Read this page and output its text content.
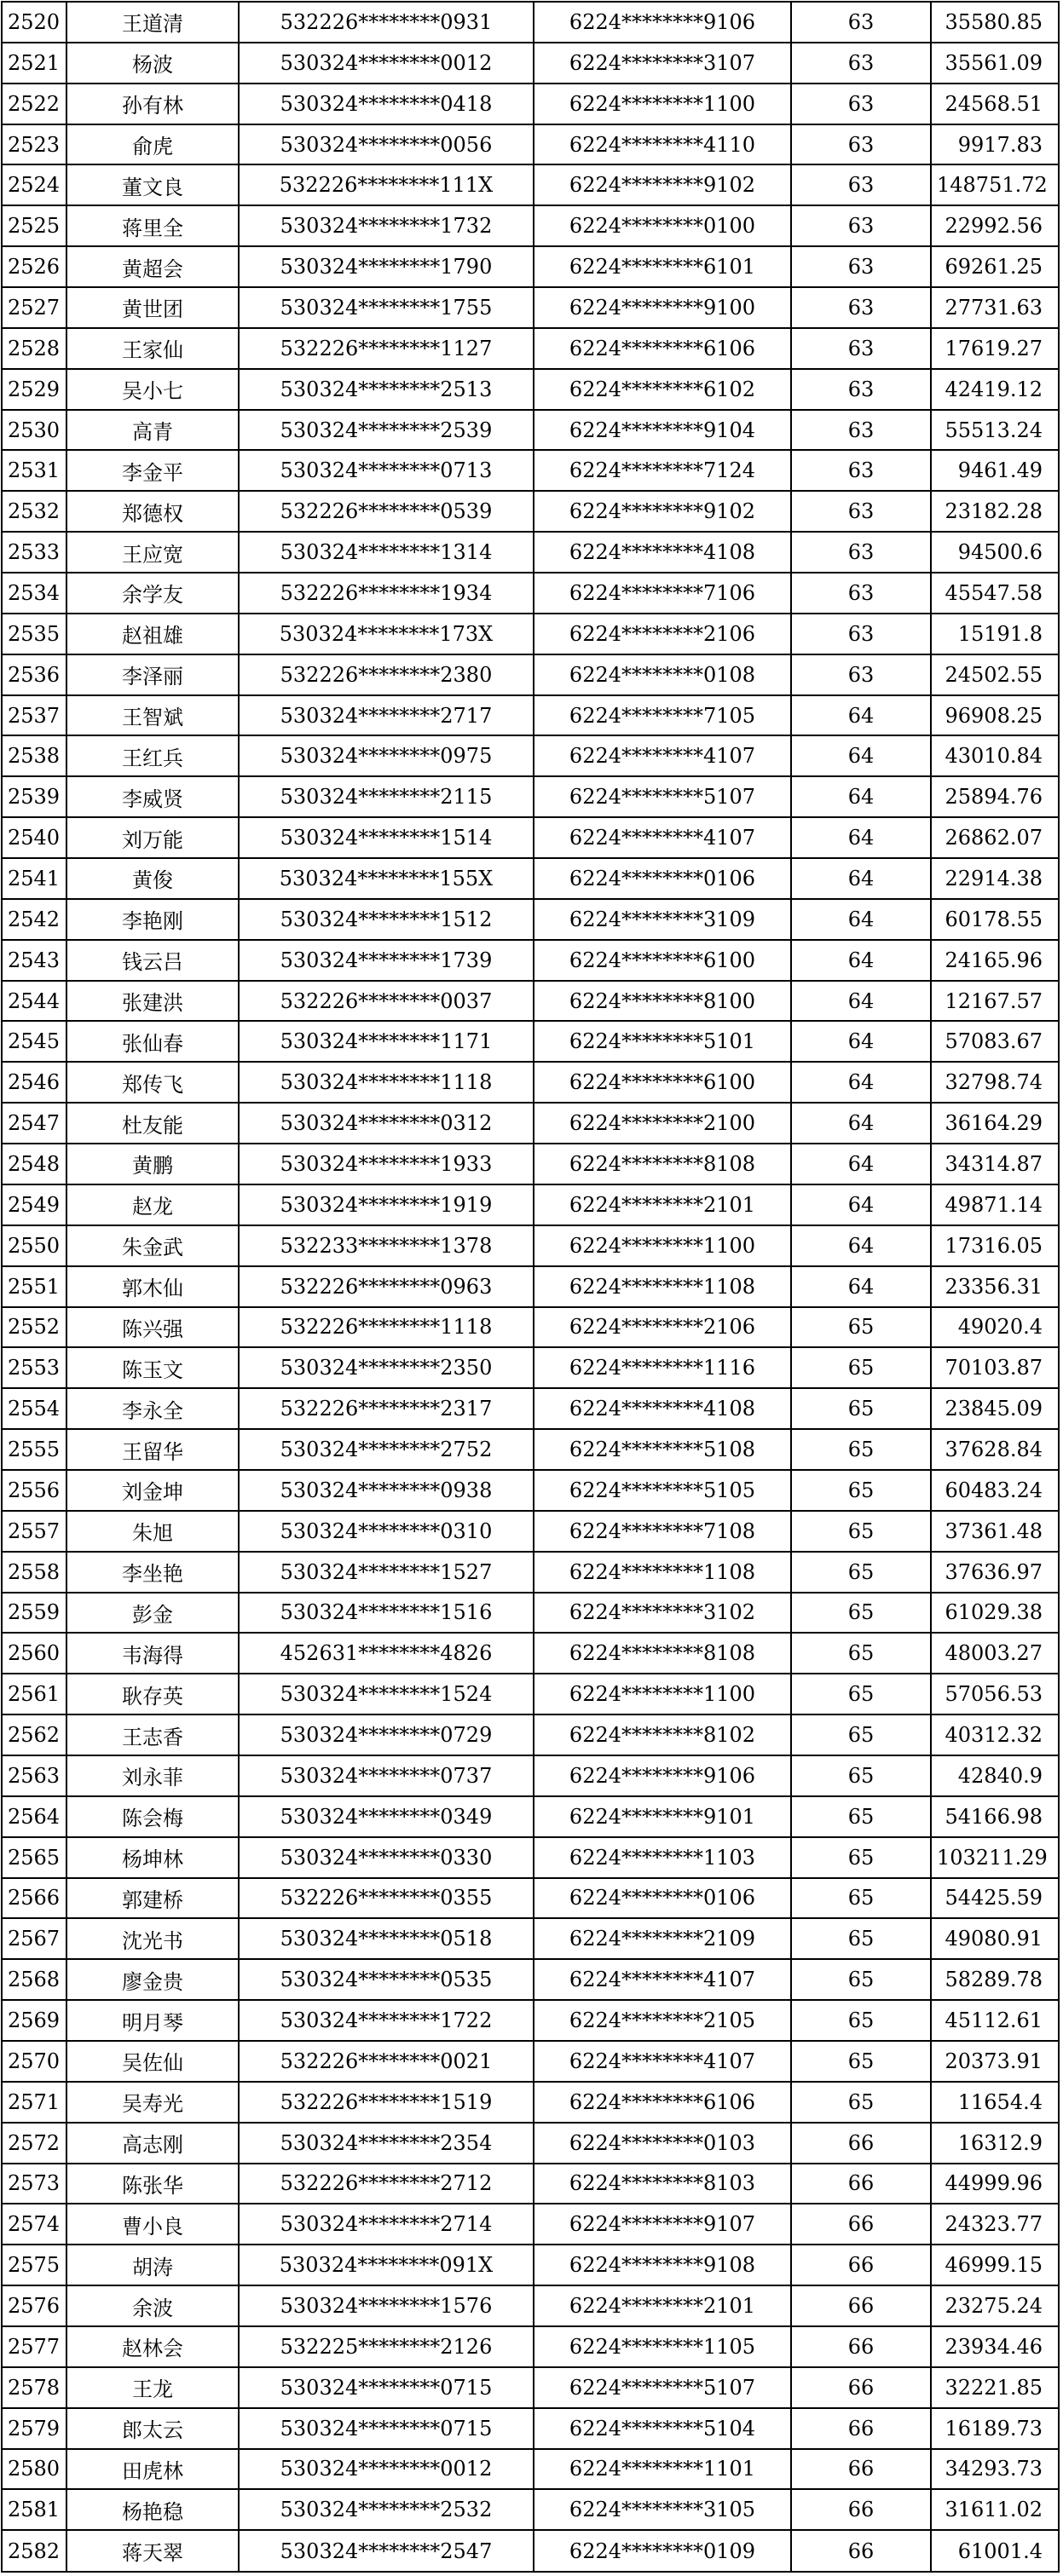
2520	王道清	532226********0931	6224********9106	63	35580.85
2521	杨波	530324********0012	6224********3107	63	35561.09
2522	孙有林	530324********0418	6224********1100	63	24568.51
2523	俞虎	530324********0056	6224********4110	63	9917.83
2524	董文良	532226********111X	6224********9102	63	148751.72
2525	蒋里全	530324********1732	6224********0100	63	22992.56
2526	黄超会	530324********1790	6224********6101	63	69261.25
2527	黄世团	530324********1755	6224********9100	63	27731.63
2528	王家仙	532226********1127	6224********6106	63	17619.27
2529	吴小七	530324********2513	6224********6102	63	42419.12
2530	高青	530324********2539	6224********9104	63	55513.24
2531	李金平	530324********0713	6224********7124	63	9461.49
2532	郑德权	532226********0539	6224********9102	63	23182.28
2533	王应宽	530324********1314	6224********4108	63	94500.6
2534	余学友	532226********1934	6224********7106	63	45547.58
2535	赵祖雄	530324********173X	6224********2106	63	15191.8
2536	李泽丽	532226********2380	6224********0108	63	24502.55
2537	王智斌	530324********2717	6224********7105	64	96908.25
2538	王红兵	530324********0975	6224********4107	64	43010.84
2539	李威贤	530324********2115	6224********5107	64	25894.76
2540	刘万能	530324********1514	6224********4107	64	26862.07
2541	黄俊	530324********155X	6224********0106	64	22914.38
2542	李艳刚	530324********1512	6224********3109	64	60178.55
2543	钱云吕	530324********1739	6224********6100	64	24165.96
2544	张建洪	532226********0037	6224********8100	64	12167.57
2545	张仙春	530324********1171	6224********5101	64	57083.67
2546	郑传飞	530324********1118	6224********6100	64	32798.74
2547	杜友能	530324********0312	6224********2100	64	36164.29
2548	黄鹏	530324********1933	6224********8108	64	34314.87
2549	赵龙	530324********1919	6224********2101	64	49871.14
2550	朱金武	532233********1378	6224********1100	64	17316.05
2551	郭木仙	532226********0963	6224********1108	64	23356.31
2552	陈兴强	532226********1118	6224********2106	65	49020.4
2553	陈玉文	530324********2350	6224********1116	65	70103.87
2554	李永全	532226********2317	6224********4108	65	23845.09
2555	王留华	530324********2752	6224********5108	65	37628.84
2556	刘金坤	530324********0938	6224********5105	65	60483.24
2557	朱旭	530324********0310	6224********7108	65	37361.48
2558	李坐艳	530324********1527	6224********1108	65	37636.97
2559	彭金	530324********1516	6224********3102	65	61029.38
2560	韦海得	452631********4826	6224********8108	65	48003.27
2561	耿存英	530324********1524	6224********1100	65	57056.53
2562	王志香	530324********0729	6224********8102	65	40312.32
2563	刘永菲	530324********0737	6224********9106	65	42840.9
2564	陈会梅	530324********0349	6224********9101	65	54166.98
2565	杨坤林	530324********0330	6224********1103	65	103211.29
2566	郭建桥	532226********0355	6224********0106	65	54425.59
2567	沈光书	530324********0518	6224********2109	65	49080.91
2568	廖金贵	530324********0535	6224********4107	65	58289.78
2569	明月琴	530324********1722	6224********2105	65	45112.61
2570	吴佐仙	532226********0021	6224********4107	65	20373.91
2571	吴寿光	532226********1519	6224********6106	65	11654.4
2572	高志刚	530324********2354	6224********0103	66	16312.9
2573	陈张华	532226********2712	6224********8103	66	44999.96
2574	曹小良	530324********2714	6224********9107	66	24323.77
2575	胡涛	530324********091X	6224********9108	66	46999.15
2576	余波	530324********1576	6224********2101	66	23275.24
2577	赵林会	532225********2126	6224********1105	66	23934.46
2578	王龙	530324********0715	6224********5107	66	32221.85
2579	郎太云	530324********0715	6224********5104	66	16189.73
2580	田虎林	530324********0012	6224********1101	66	34293.73
2581	杨艳稳	530324********2532	6224********3105	66	31611.02
2582	蒋天翠	530324********2547	6224********0109	66	61001.4
